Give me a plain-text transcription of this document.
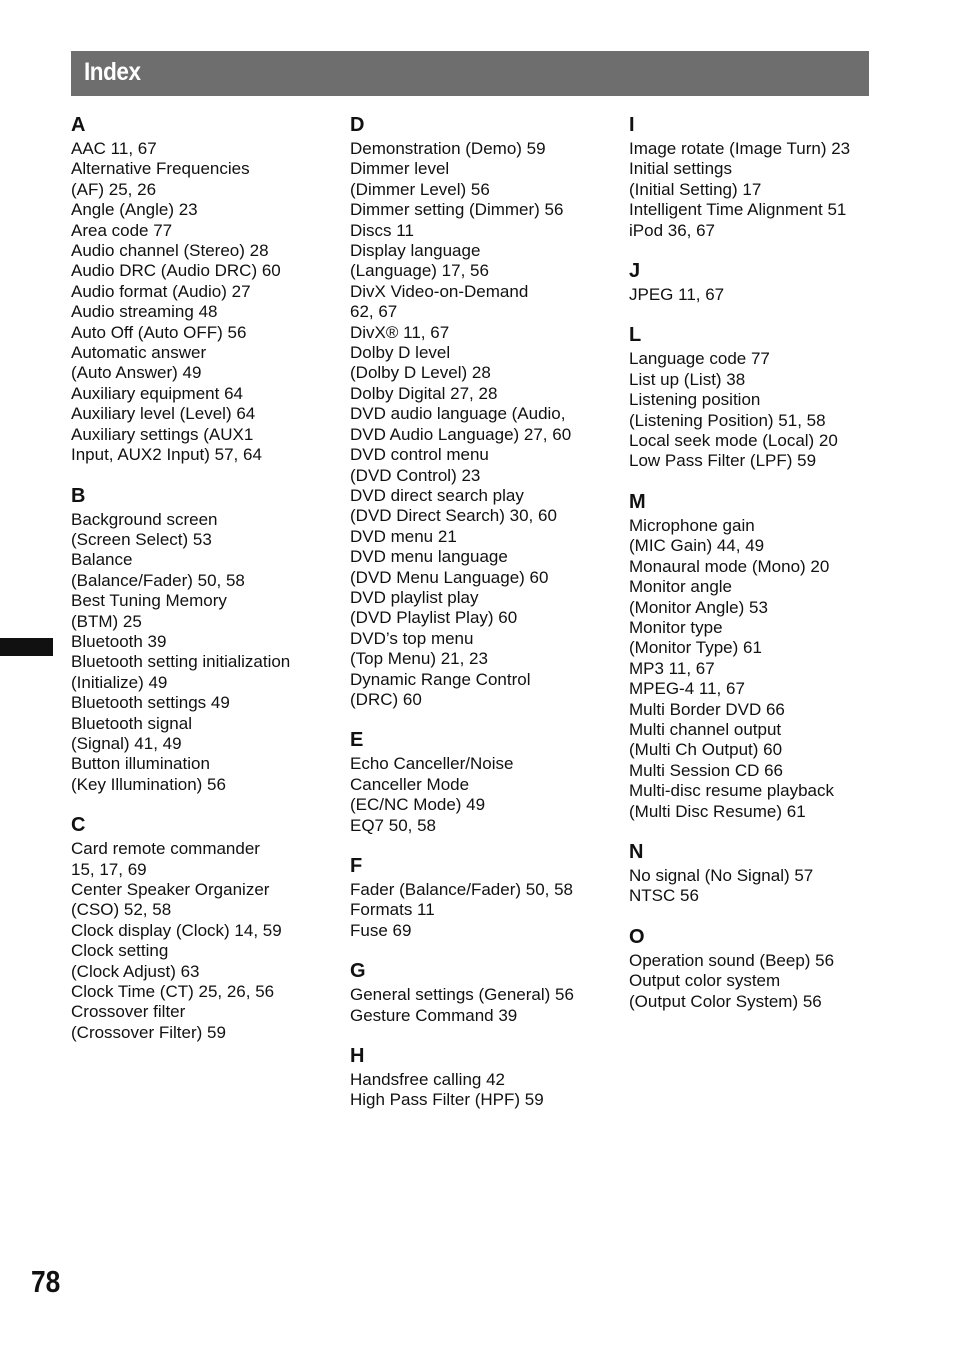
Index
A
AAC 11, 67
Alternative Frequencies
(AF) 25, 26
Angle (Angle) 23
Area code 77
Audio channel (Stereo) 28
Audio DRC (Audio DRC) 60
Audio format (Audio) 27
Audio streaming 48
Auto Off (Auto OFF) 56
Automatic answer
(Auto Answer) 49
Auxiliary equipment 64
Auxiliary level (Level) 64
Auxiliary settings (AUX1
Input, AUX2 Input) 57, 64
B
Background screen
(Screen Select) 53
Balance
(Balance/Fader) 50, 58
Best Tuning Memory
(BTM) 25
Bluetooth 39
Bluetooth setting initialization
(Initialize) 49
Bluetooth settings 49
Bluetooth signal
(Signal) 41, 49
Button illumination
(Key Illumination) 56
C
Card remote commander
15, 17, 69
Center Speaker Organizer
(CSO) 52, 58
Clock display (Clock) 14, 59
Clock setting
(Clock Adjust) 63
Clock Time (CT) 25, 26, 56
Crossover filter
(Crossover Filter) 59
D
Demonstration (Demo) 59
Dimmer level
(Dimmer Level) 56
Dimmer setting (Dimmer) 56
Discs 11
Display language
(Language) 17, 56
DivX Video-on-Demand
62, 67
DivX® 11, 67
Dolby D level
(Dolby D Level) 28
Dolby Digital 27, 28
DVD audio language (Audio,
DVD Audio Language) 27, 60
DVD control menu
(DVD Control) 23
DVD direct search play
(DVD Direct Search) 30, 60
DVD menu 21
DVD menu language
(DVD Menu Language) 60
DVD playlist play
(DVD Playlist Play) 60
DVD’s top menu
(Top Menu) 21, 23
Dynamic Range Control
(DRC) 60
E
Echo Canceller/Noise
Canceller Mode
(EC/NC Mode) 49
EQ7 50, 58
F
Fader (Balance/Fader) 50, 58
Formats 11
Fuse 69
G
General settings (General) 56
Gesture Command 39
H
Handsfree calling 42
High Pass Filter (HPF) 59
I
Image rotate (Image Turn) 23
Initial settings
(Initial Setting) 17
Intelligent Time Alignment 51
iPod 36, 67
J
JPEG 11, 67
L
Language code 77
List up (List) 38
Listening position
(Listening Position) 51, 58
Local seek mode (Local) 20
Low Pass Filter (LPF) 59
M
Microphone gain
(MIC Gain) 44, 49
Monaural mode (Mono) 20
Monitor angle
(Monitor Angle) 53
Monitor type
(Monitor Type) 61
MP3 11, 67
MPEG-4 11, 67
Multi Border DVD 66
Multi channel output
(Multi Ch Output) 60
Multi Session CD 66
Multi-disc resume playback
(Multi Disc Resume) 61
N
No signal (No Signal) 57
NTSC 56
O
Operation sound (Beep) 56
Output color system
(Output Color System) 56
78
